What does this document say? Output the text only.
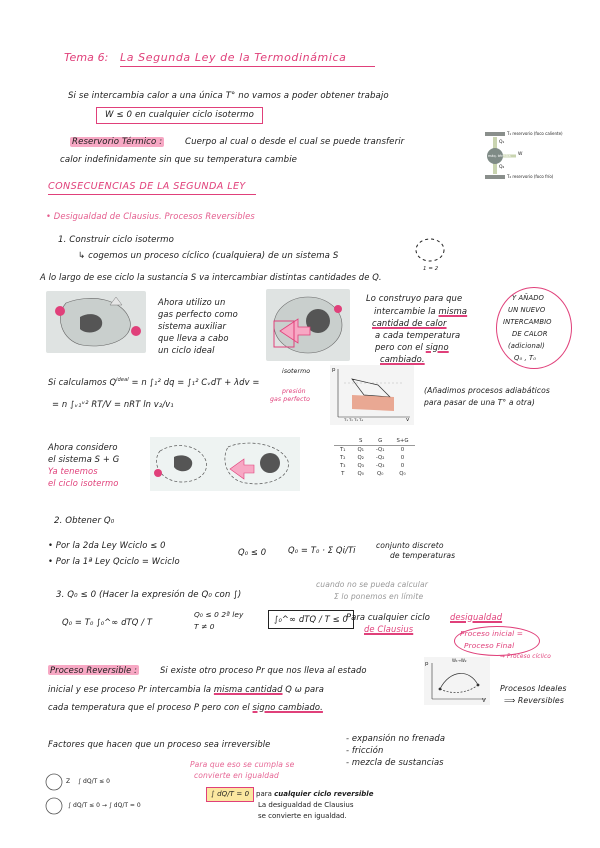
Tema 6: La Segunda Ley de la Termodinámica
Si se intercambia calor a una única T° no vamos a poder obtener trabajo
W ≤ 0 en cualquier ciclo isotermo
Reservorio Térmico :	Cuerpo al cual o desde el cual se puede transferir
calor indefinidamente sin que su temperatura cambie
T₁ reservorio (foco caliente)
Q₁
W
Q₂
T₂ reservorio (foco frío)
máq. térmica
CONSECUENCIAS DE LA SEGUNDA LEY
• Desigualdad de Clausius. Procesos Reversibles
1. Construir ciclo isotermo
↳ cogemos un proceso cíclico (cualquiera) de un sistema S
1 = 2
A lo largo de ese ciclo la sustancia S va intercambiar distintas cantidades de Q.
Ahora utilizo un
gas perfecto como
sistema auxiliar
que lleva a cabo
un ciclo ideal
Lo construyo para que
intercambie la misma
cantidad de calor
a cada temperatura
pero con el signo
cambiado.
Y AÑADO
UN NUEVO
INTERCAMBIO
DE CALOR
(adicional)
Q₀ , T₀
Si calculamos $Q^{ideal} = n$ ∫₁² dq = ∫₁² CᵥdT + λdv =
isotermo
presión
gas perfecto
= n ∫ᵥ₁ᵛ² RT/V = nRT ln v₂/v₁
p
v
T₁ T₂ T₃ T₄
(Añadimos procesos adiabáticos
para pasar de una T° a otra)
Ahora considero
el sistema S + G
Ya tenemos
el ciclo isotermo
	S	G	S+G
T₁	Q₁	-Q₁	0
T₂	Q₂	-Q₂	0
T₃	Q₃	-Q₃	0
T	Q₀	Q₀	Q₀
2. Obtener Q₀
• Por la 2da Ley Wciclo ≤ 0
• Por la 1ª Ley Qciclo = Wciclo
Q₀ ≤ 0	Q₀ = T₀ · Σ Qi/Ti	conjunto discreto
de temperaturas
3. Q₀ ≤ 0 (Hacer la expresión de Q₀ con ∫)
cuando no se pueda calcular
Σ lo ponemos en límite
Q₀ = T₀ ∫₀^∞ dTQ / T
Q₀ ≤ 0 2ª ley
T ≠ 0
∫₀^∞ dTQ / T ≤ 0
Para cualquier ciclo desigualdad
de Clausius	Proceso inicial =
Proceso Final
→ Proceso cíclico
Proceso Reversible :	Si existe otro proceso Pr que nos lleva al estado
inicial y ese proceso Pr intercambia la misma cantidad Q ω para
cada temperatura que el proceso P pero con el signo cambiado.
W₁→W₂
p
V
Procesos Ideales
⟹ Reversibles
Factores que hacen que un proceso sea irreversible
- expansión no frenada
- fricción
- mezcla de sustancias
Para que eso se cumpla se
convierte en igualdad
Z ∫ dQ/T ≤ 0
∫ dQ/T ≤ 0 → ∫ dQ/T = 0
∫ dQ/T = 0 para cualquier ciclo reversible
La desigualdad de Clausius
se convierte en igualdad.
